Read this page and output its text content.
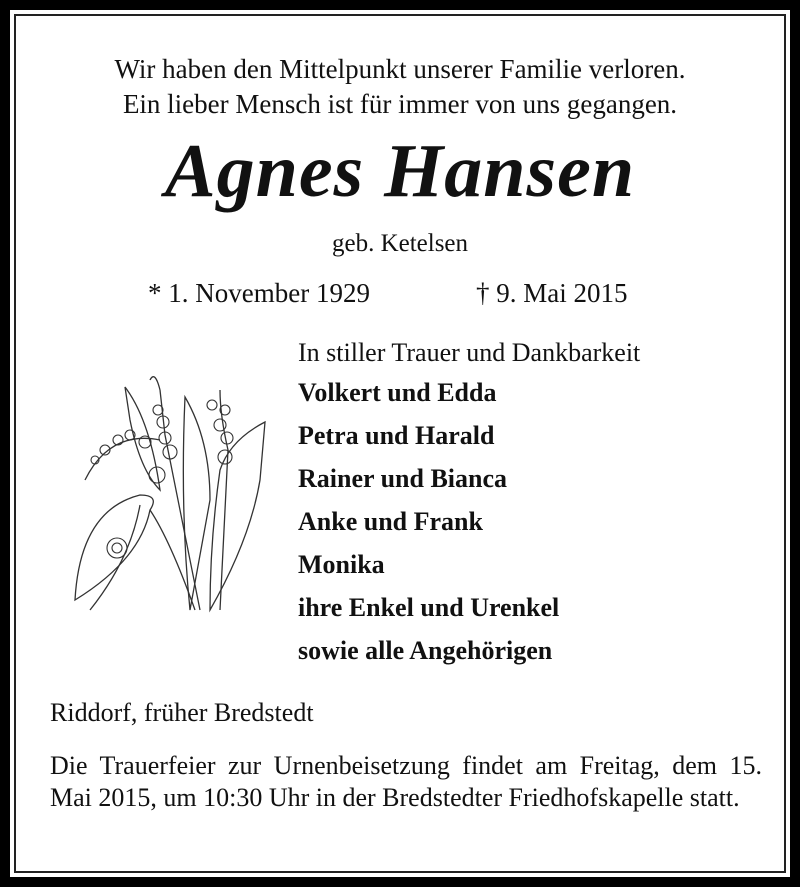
Wir haben den Mittelpunkt unserer Familie verloren.
Ein lieber Mensch ist für immer von uns gegangen.
Agnes Hansen
geb. Ketelsen
* 1. November 1929	† 9. Mai 2015
In stiller Trauer und Dankbarkeit
Volkert und Edda
Petra und Harald
Rainer und Bianca
Anke und Frank
Monika
ihre Enkel und Urenkel
sowie alle Angehörigen
Riddorf, früher Bredstedt
Die Trauerfeier zur Urnenbeisetzung findet am Freitag, dem 15. Mai 2015, um 10:30 Uhr in der Bredstedter Friedhofskapelle statt.
